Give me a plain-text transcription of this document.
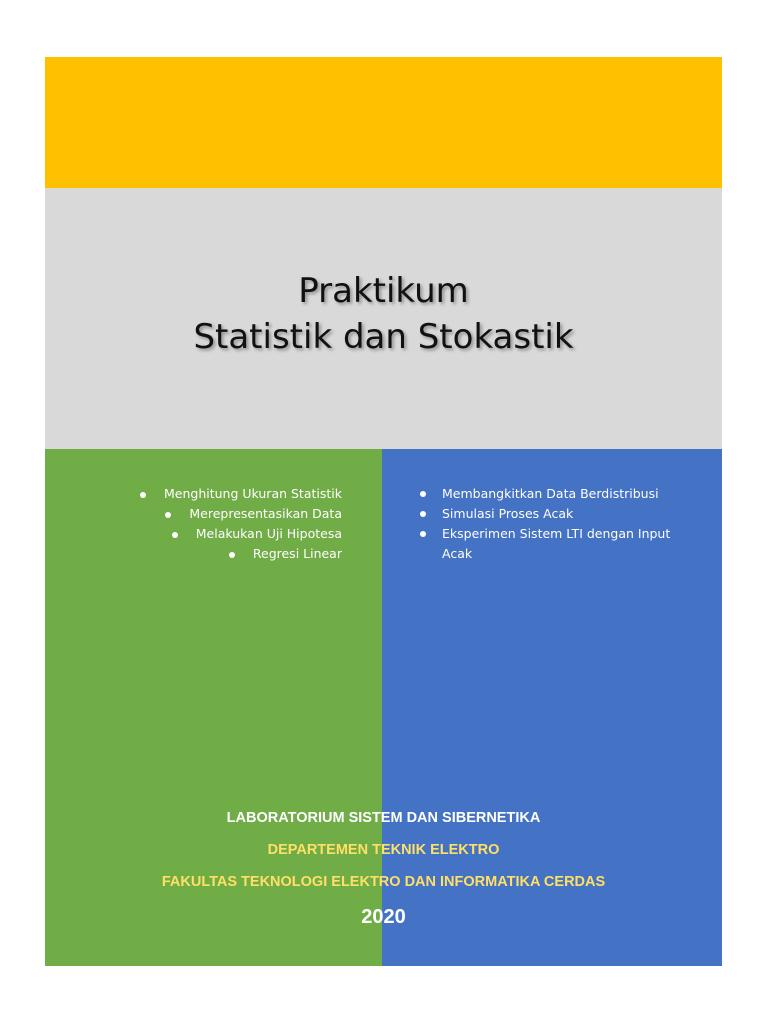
Praktikum
Statistik dan Stokastik
Menghitung Ukuran Statistik
Merepresentasikan Data
Melakukan Uji Hipotesa
Regresi Linear
Membangkitkan Data Berdistribusi
Simulasi Proses Acak
Eksperimen Sistem LTI dengan Input Acak
LABORATORIUM SISTEM DAN SIBERNETIKA
DEPARTEMEN TEKNIK ELEKTRO
FAKULTAS TEKNOLOGI ELEKTRO DAN INFORMATIKA CERDAS
2020
